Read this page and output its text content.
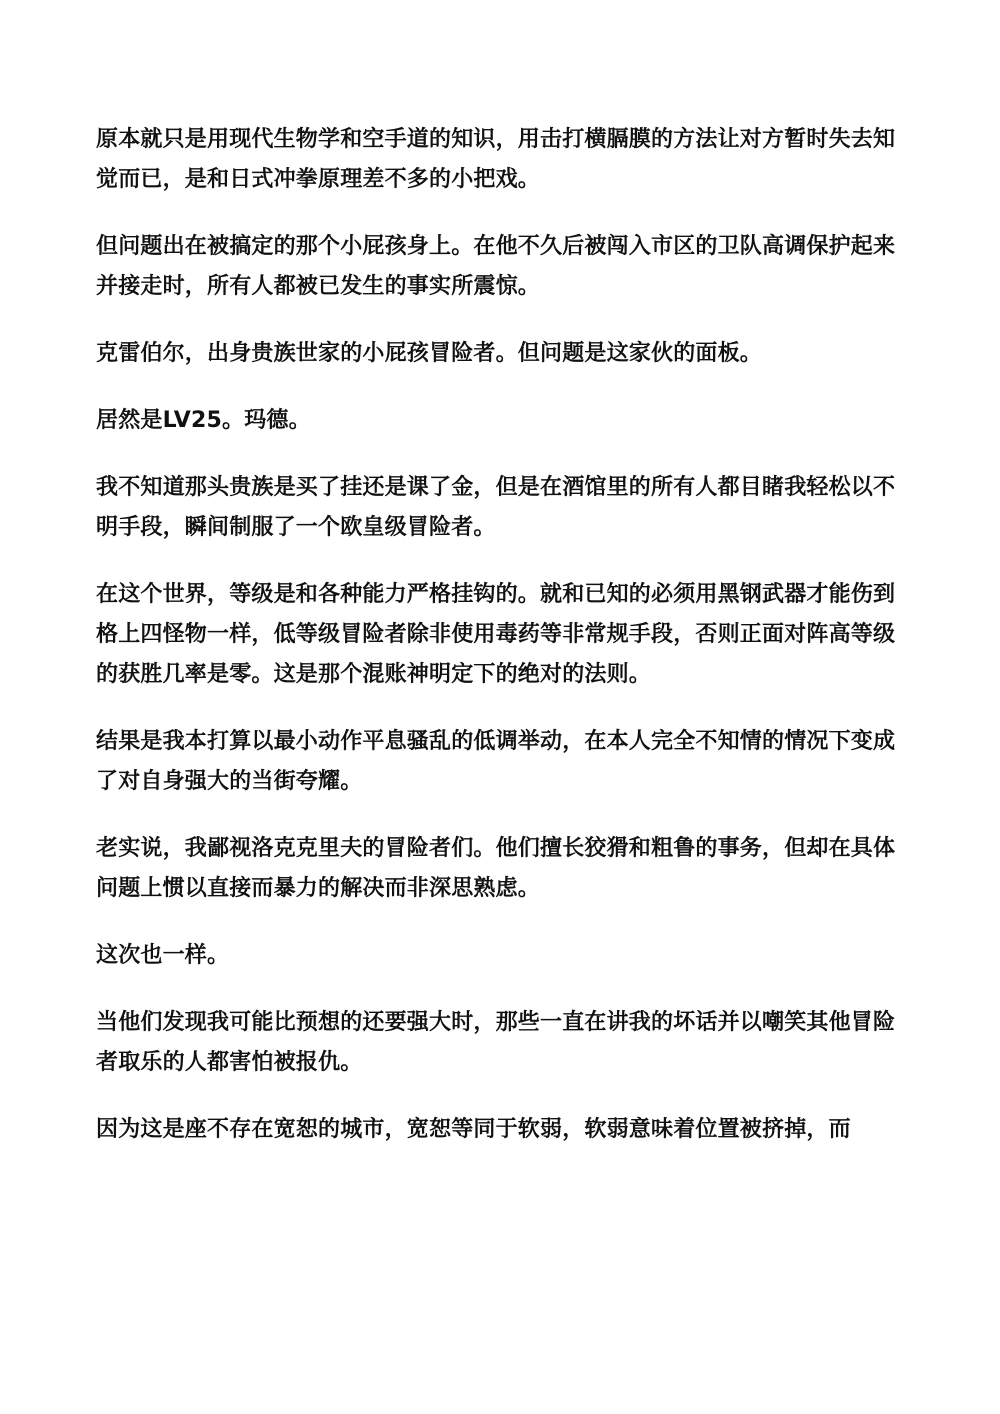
原本就只是用现代生物学和空手道的知识，用击打横膈膜的方法让对方暂时失去知觉而已，是和日式冲拳原理差不多的小把戏。

但问题出在被搞定的那个小屁孩身上。在他不久后被闯入市区的卫队高调保护起来并接走时，所有人都被已发生的事实所震惊。

克雷伯尔，出身贵族世家的小屁孩冒险者。但问题是这家伙的面板。

居然是LV25。玛德。

我不知道那头贵族是买了挂还是课了金，但是在酒馆里的所有人都目睹我轻松以不明手段，瞬间制服了一个欧皇级冒险者。

在这个世界，等级是和各种能力严格挂钩的。就和已知的必须用黑钢武器才能伤到格上四怪物一样，低等级冒险者除非使用毒药等非常规手段，否则正面对阵高等级的获胜几率是零。这是那个混账神明定下的绝对的法则。

结果是我本打算以最小动作平息骚乱的低调举动，在本人完全不知情的情况下变成了对自身强大的当街夸耀。

老实说，我鄙视洛克克里夫的冒险者们。他们擅长狡猾和粗鲁的事务，但却在具体问题上惯以直接而暴力的解决而非深思熟虑。

这次也一样。

当他们发现我可能比预想的还要强大时，那些一直在讲我的坏话并以嘲笑其他冒险者取乐的人都害怕被报仇。

因为这是座不存在宽恕的城市，宽恕等同于软弱，软弱意味着位置被挤掉，而
